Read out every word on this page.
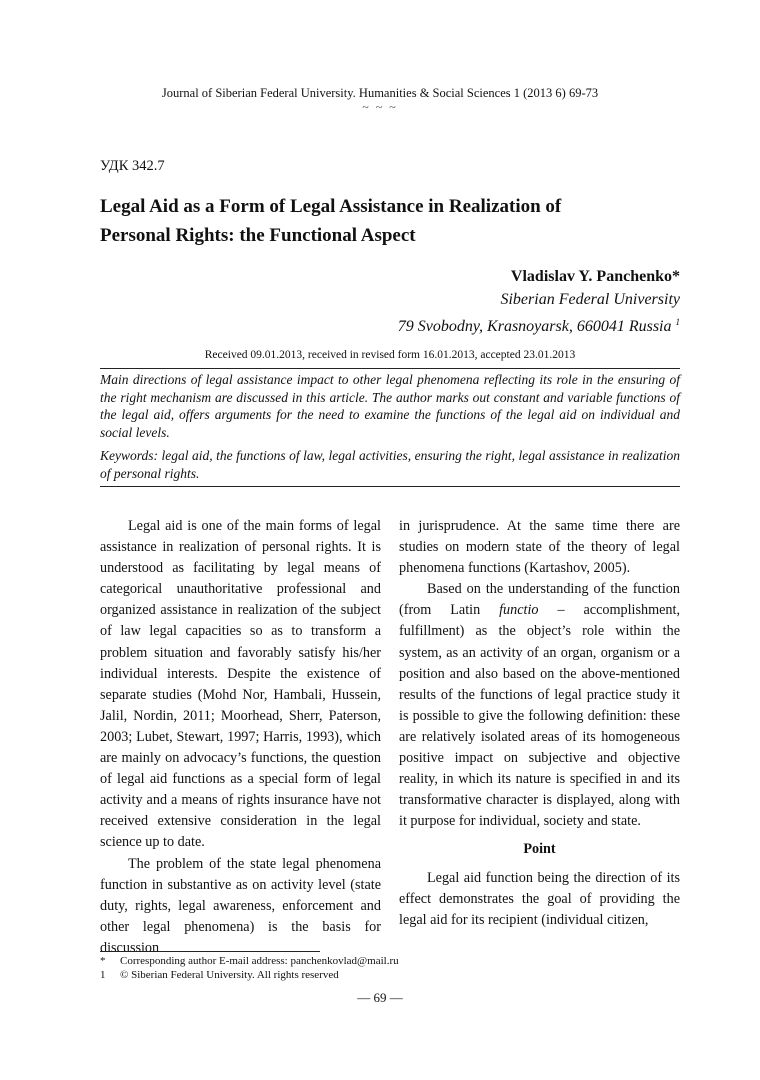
Journal of Siberian Federal University. Humanities & Social Sciences 1 (2013 6) 69-73
~ ~ ~
УДК 342.7
Legal Aid as a Form of Legal Assistance in Realization of Personal Rights: the Functional Aspect
Vladislav Y. Panchenko*
Siberian Federal University
79 Svobodny, Krasnoyarsk, 660041 Russia $^1$
Received 09.01.2013, received in revised form 16.01.2013, accepted 23.01.2013

Main directions of legal assistance impact to other legal phenomena reflecting its role in the ensuring of the right mechanism are discussed in this article. The author marks out constant and variable functions of the legal aid, offers arguments for the need to examine the functions of the legal aid on individual and social levels.

Keywords: legal aid, the functions of law, legal activities, ensuring the right, legal assistance in realization of personal rights.

Legal aid is one of the main forms of legal assistance in realization of personal rights. It is understood as facilitating by legal means of categorical unauthoritative professional and organized assistance in realization of the subject of law legal capacities so as to transform a problem situation and favorably satisfy his/her individual interests. Despite the existence of separate studies (Mohd Nor, Hambali, Hussein, Jalil, Nordin, 2011; Moorhead, Sherr, Paterson, 2003; Lubet, Stewart, 1997; Harris, 1993), which are mainly on advocacy’s functions, the question of legal aid functions as a special form of legal activity and a means of rights insurance have not received extensive consideration in the legal science up to date.

The problem of the state legal phenomena function in substantive as on activity level (state duty, rights, legal awareness, enforcement and other legal phenomena) is the basis for discussion

in jurisprudence. At the same time there are studies on modern state of the theory of legal phenomena functions (Kartashov, 2005).

Based on the understanding of the function (from Latin functio – accomplishment, fulfillment) as the object’s role within the system, as an activity of an organ, organism or a position and also based on the above-mentioned results of the functions of legal practice study it is possible to give the following definition: these are relatively isolated areas of its homogeneous positive impact on subjective and objective reality, in which its nature is specified in and its transformative character is displayed, along with it purpose for individual, society and state.

Point

Legal aid function being the direction of its effect demonstrates the goal of providing the legal aid for its recipient (individual citizen,

*	Corresponding author E-mail address: panchenkovlad@mail.ru
1	© Siberian Federal University. All rights reserved
— 69 —
